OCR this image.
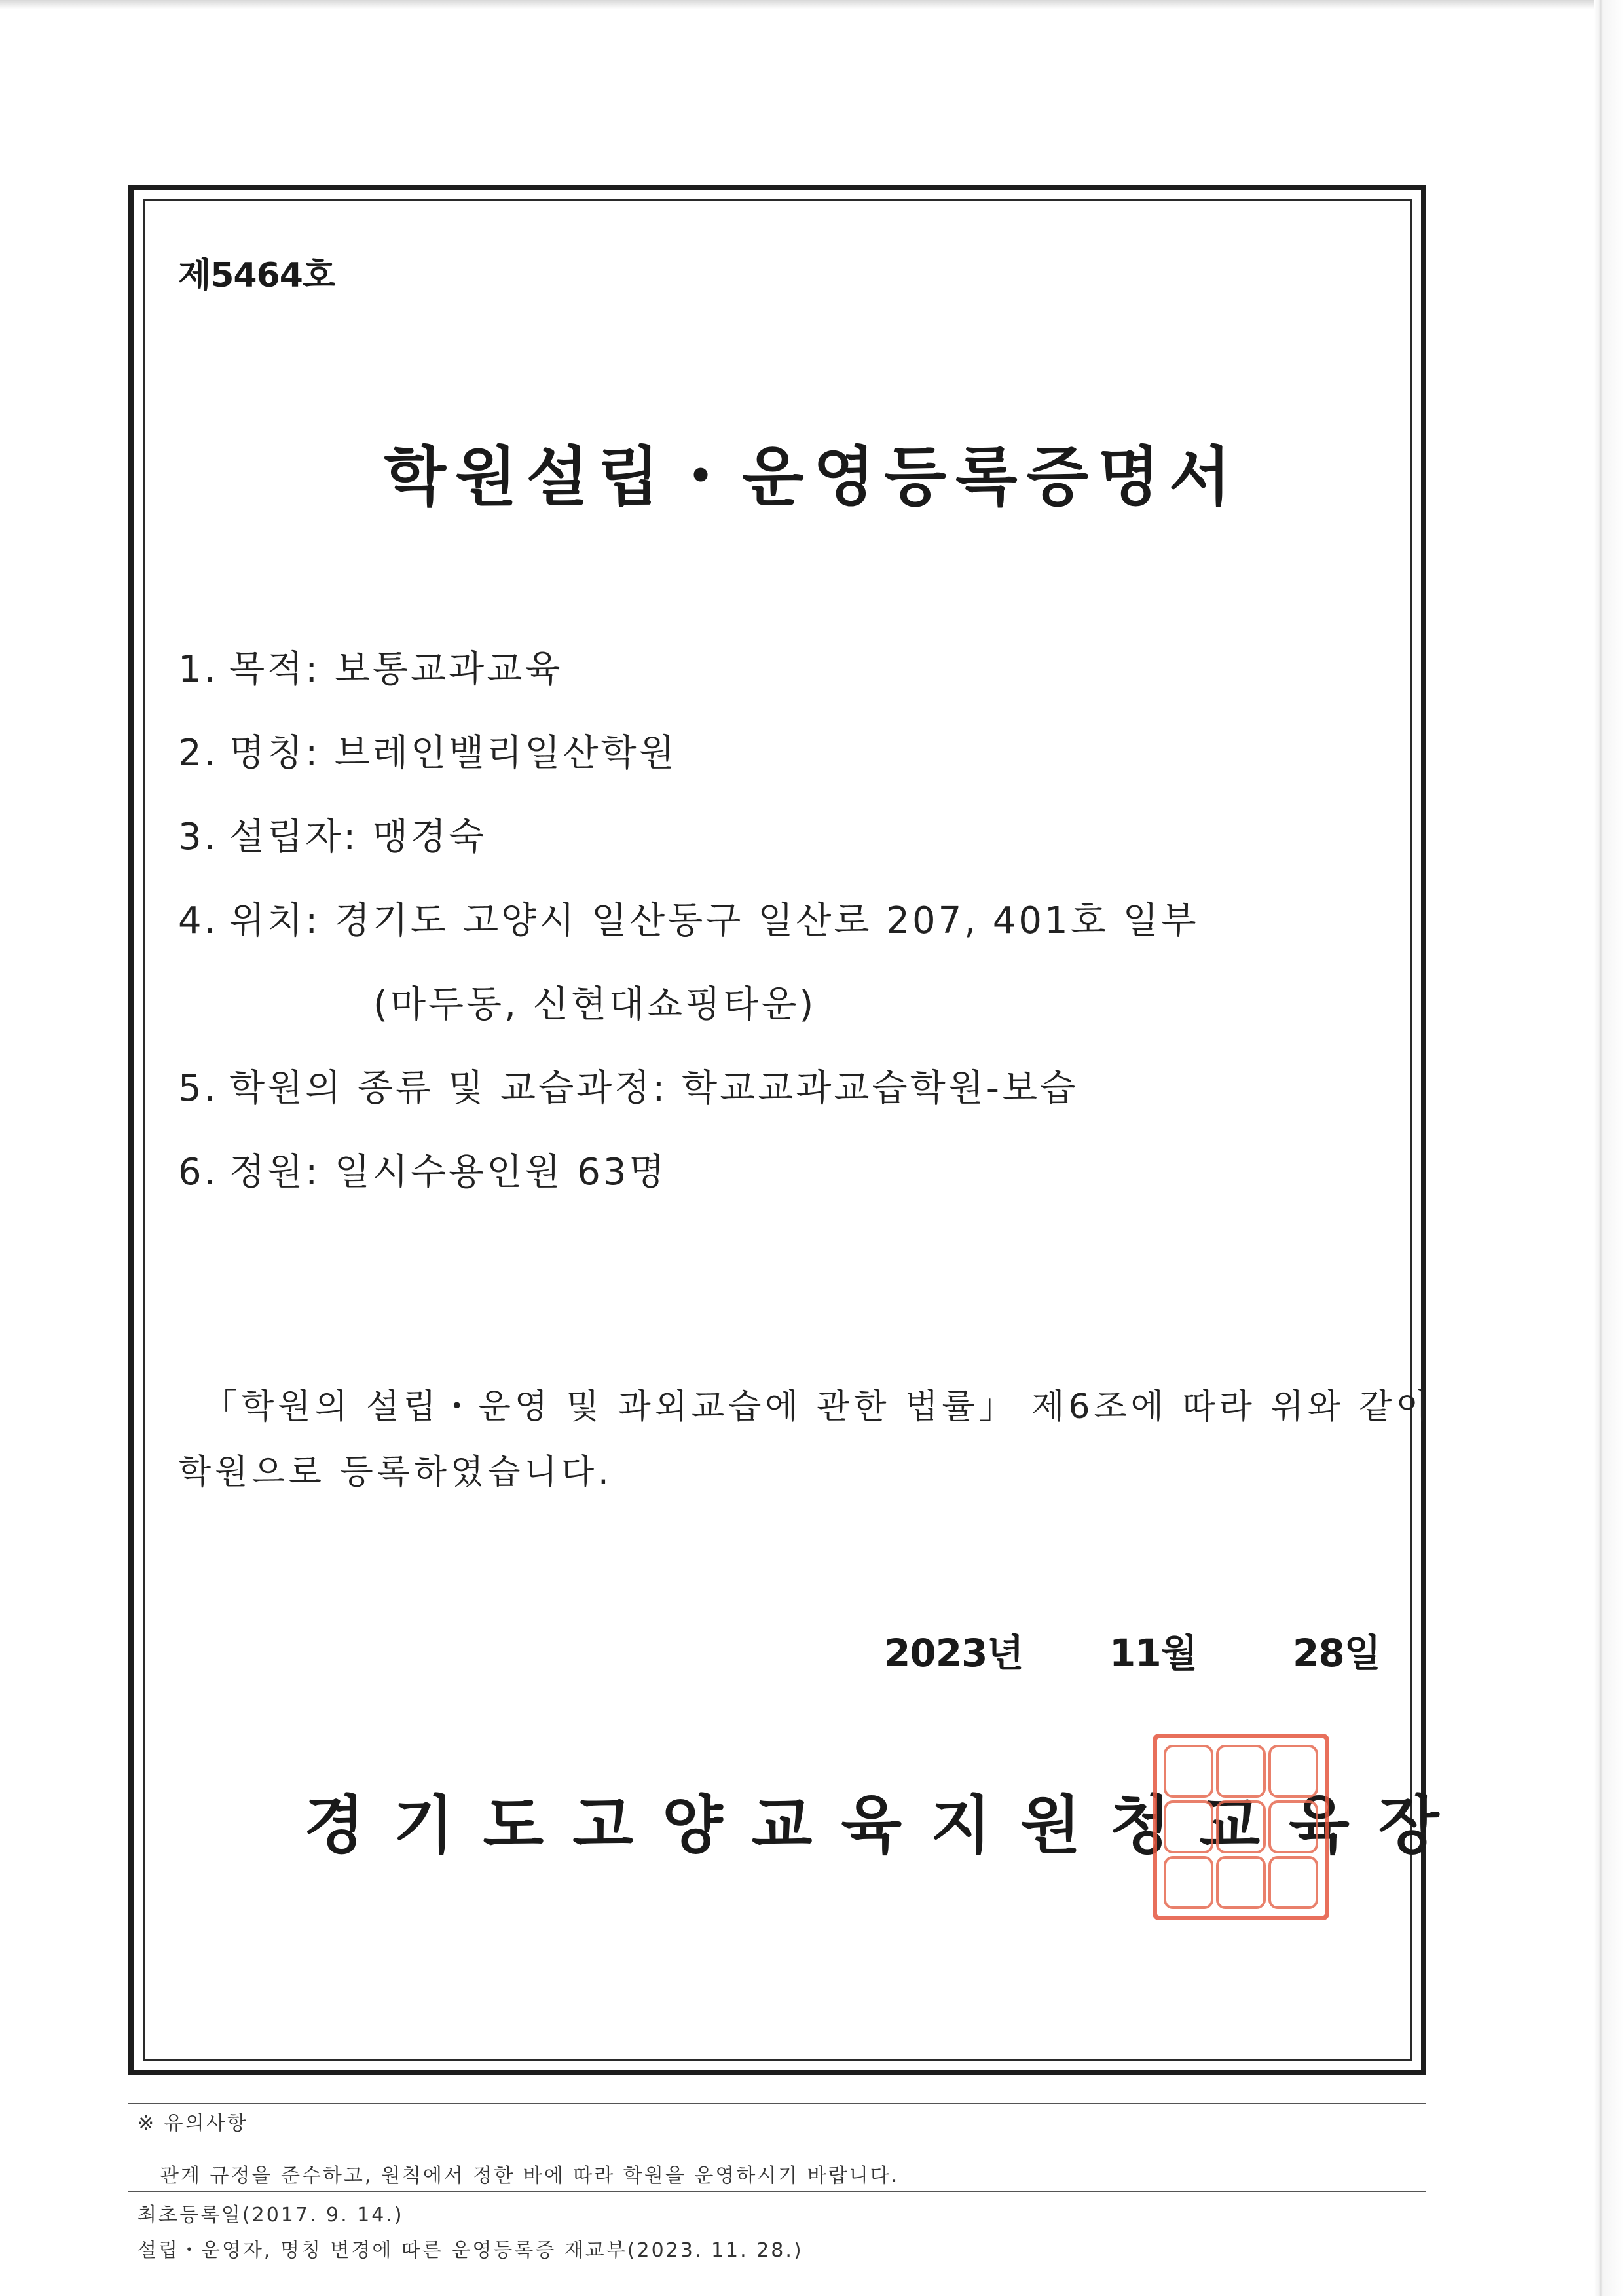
제5464호
학원설립・운영등록증명서
1. 목적: 보통교과교육
2. 명칭: 브레인밸리일산학원
3. 설립자: 맹경숙
4. 위치: 경기도 고양시 일산동구 일산로 207, 401호 일부
(마두동, 신현대쇼핑타운)
5. 학원의 종류 및 교습과정: 학교교과교습학원-보습
6. 정원: 일시수용인원 63명
「학원의 설립・운영 및 과외교습에 관한 법률」 제6조에 따라 위와 같이
학원으로 등록하였습니다.
2023년 11월	28일
경기도고양교육지원청교육장
※ 유의사항
관계 규정을 준수하고, 원칙에서 정한 바에 따라 학원을 운영하시기 바랍니다.
최초등록일(2017. 9. 14.)
설립・운영자, 명칭 변경에 따른 운영등록증 재교부(2023. 11. 28.)
